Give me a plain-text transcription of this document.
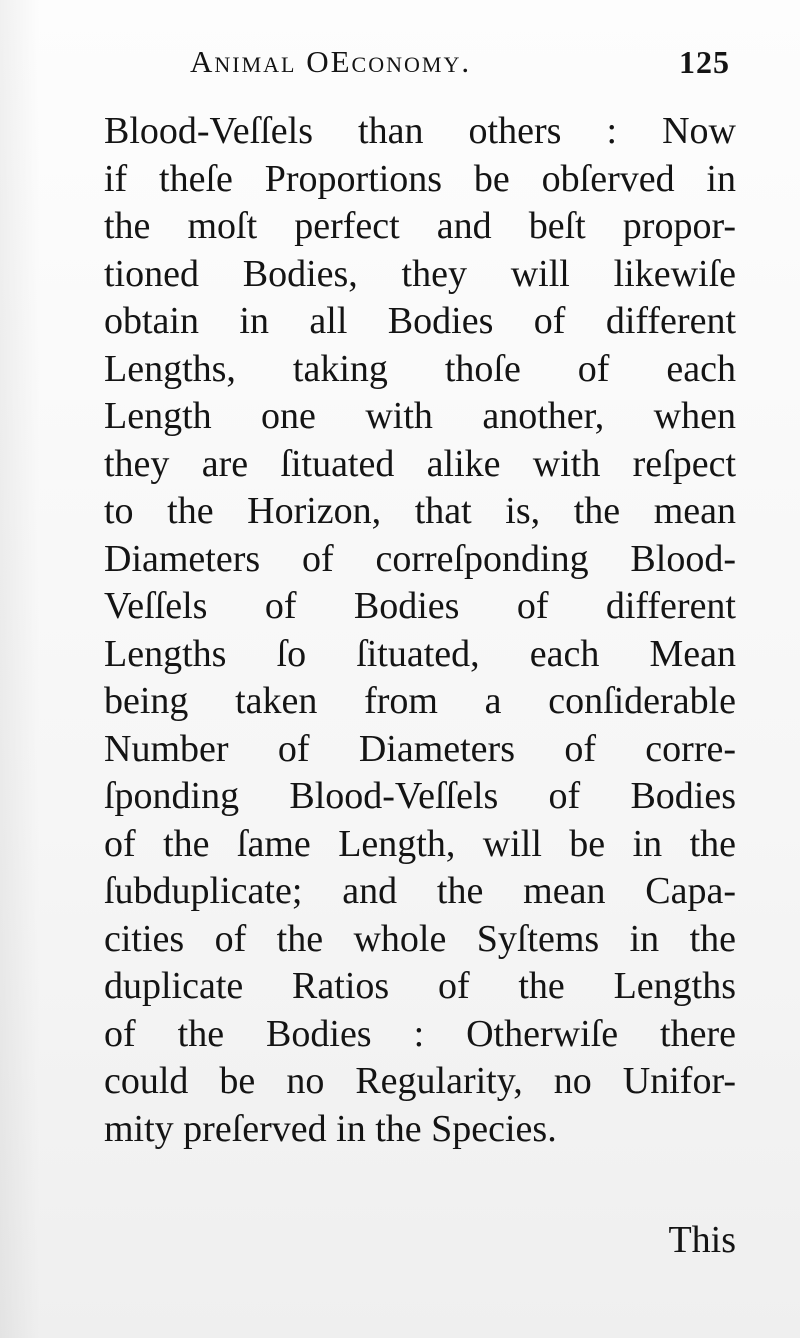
Animal OEconomy.	125
Blood-Veſſels than others : Now
if theſe Proportions be obſerved in
the moſt perfect and beſt propor-
tioned Bodies, they will likewiſe
obtain in all Bodies of different
Lengths, taking thoſe of each
Length one with another, when
they are ſituated alike with reſpect
to the Horizon, that is, the mean
Diameters of correſponding Blood-
Veſſels of Bodies of different
Lengths ſo ſituated, each Mean
being taken from a conſiderable
Number of Diameters of corre-
ſponding Blood-Veſſels of Bodies
of the ſame Length, will be in the
ſubduplicate; and the mean Capa-
cities of the whole Syſtems in the
duplicate Ratios of the Lengths
of the Bodies : Otherwiſe there
could be no Regularity, no Unifor-
mity preſerved in the Species.
This
